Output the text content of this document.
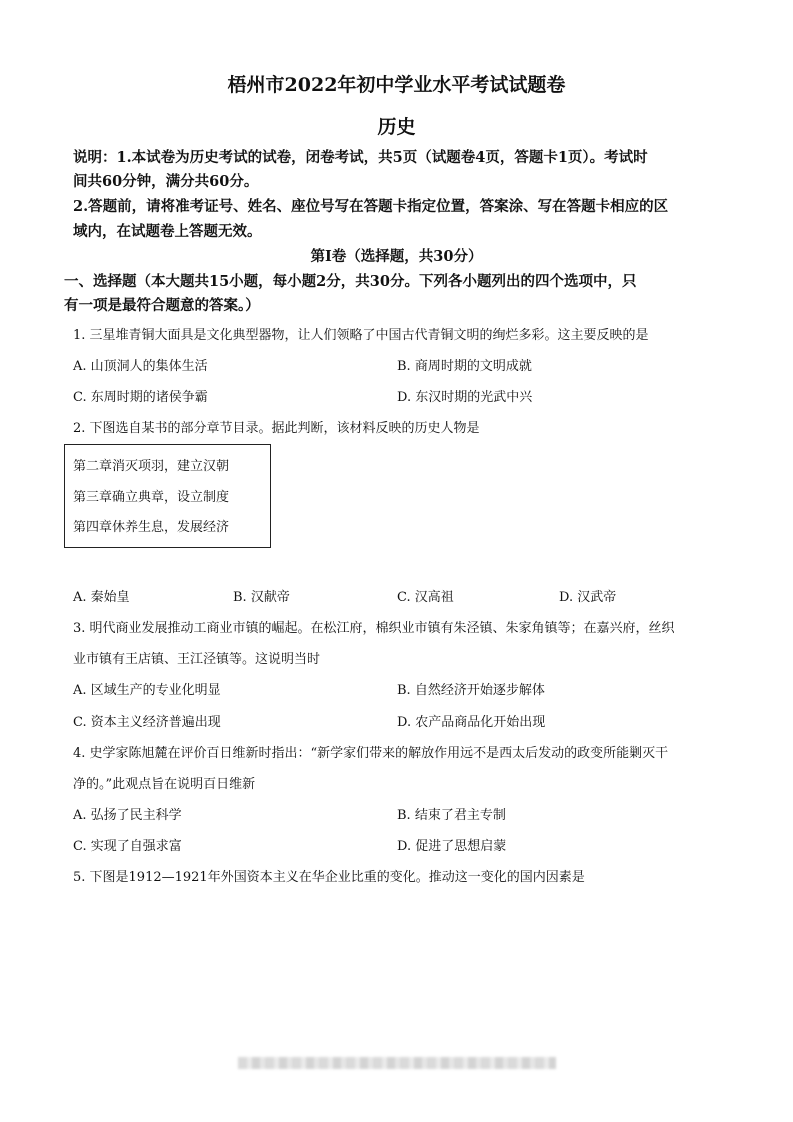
梧州市2022年初中学业水平考试试题卷
历史
说明：1.本试卷为历史考试的试卷，闭卷考试，共5页（试题卷4页，答题卡1页）。考试时
间共60分钟，满分共60分。
2.答题前，请将准考证号、姓名、座位号写在答题卡指定位置，答案涂、写在答题卡相应的区
域内，在试题卷上答题无效。
第Ⅰ卷（选择题，共30分）
一、选择题（本大题共15小题，每小题2分，共30分。下列各小题列出的四个选项中，只
有一项是最符合题意的答案。）
1. 三星堆青铜大面具是文化典型器物，让人们领略了中国古代青铜文明的绚烂多彩。这主要反映的是
A. 山顶洞人的集体生活	B. 商周时期的文明成就
C. 东周时期的诸侯争霸	D. 东汉时期的光武中兴
2. 下图选自某书的部分章节目录。据此判断，该材料反映的历史人物是
第二章消灭项羽，建立汉朝
第三章确立典章，设立制度
第四章休养生息，发展经济
A. 秦始皇	B. 汉献帝	C. 汉高祖	D. 汉武帝
3. 明代商业发展推动工商业市镇的崛起。在松江府，棉织业市镇有朱泾镇、朱家角镇等；在嘉兴府，丝织
业市镇有王店镇、王江泾镇等。这说明当时
A. 区域生产的专业化明显	B. 自然经济开始逐步解体
C. 资本主义经济普遍出现	D. 农产品商品化开始出现
4. 史学家陈旭麓在评价百日维新时指出：“新学家们带来的解放作用远不是西太后发动的政变所能剿灭干
净的。”此观点旨在说明百日维新
A. 弘扬了民主科学	B. 结束了君主专制
C. 实现了自强求富	D. 促进了思想启蒙
5. 下图是1912—1921年外国资本主义在华企业比重的变化。推动这一变化的国内因素是
